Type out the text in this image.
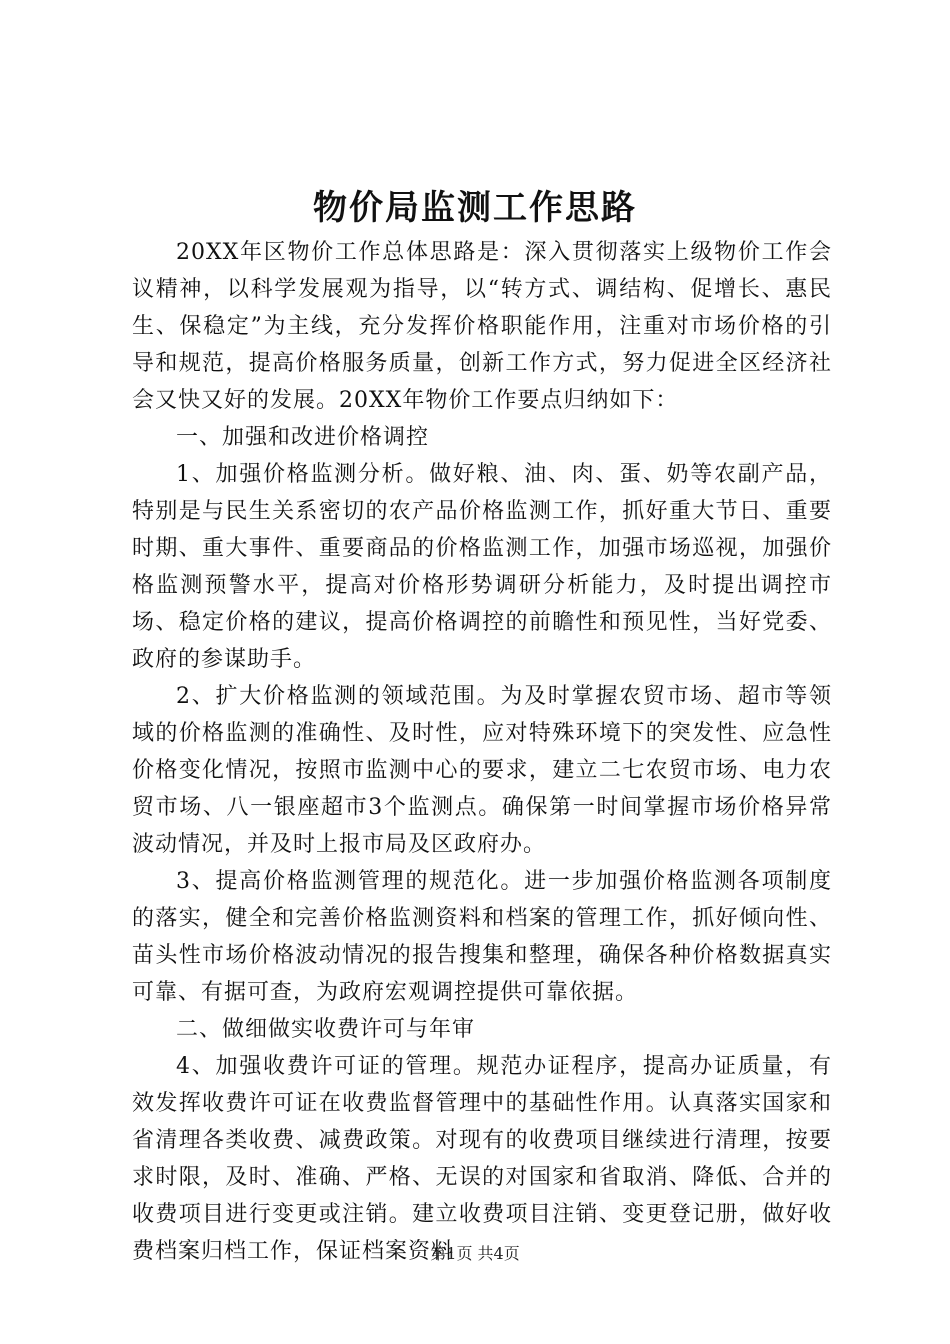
物价局监测工作思路

20XX年区物价工作总体思路是：深入贯彻落实上级物价工作会议精神，以科学发展观为指导，以“转方式、调结构、促增长、惠民生、保稳定”为主线，充分发挥价格职能作用，注重对市场价格的引导和规范，提高价格服务质量，创新工作方式，努力促进全区经济社会又快又好的发展。20XX年物价工作要点归纳如下：

一、加强和改进价格调控

1、加强价格监测分析。做好粮、油、肉、蛋、奶等农副产品，特别是与民生关系密切的农产品价格监测工作，抓好重大节日、重要时期、重大事件、重要商品的价格监测工作，加强市场巡视，加强价格监测预警水平，提高对价格形势调研分析能力，及时提出调控市场、稳定价格的建议，提高价格调控的前瞻性和预见性，当好党委、政府的参谋助手。

2、扩大价格监测的领域范围。为及时掌握农贸市场、超市等领域的价格监测的准确性、及时性，应对特殊环境下的突发性、应急性价格变化情况，按照市监测中心的要求，建立二七农贸市场、电力农贸市场、八一银座超市3个监测点。确保第一时间掌握市场价格异常波动情况，并及时上报市局及区政府办。

3、提高价格监测管理的规范化。进一步加强价格监测各项制度的落实，健全和完善价格监测资料和档案的管理工作，抓好倾向性、苗头性市场价格波动情况的报告搜集和整理，确保各种价格数据真实可靠、有据可查，为政府宏观调控提供可靠依据。

二、做细做实收费许可与年审

4、加强收费许可证的管理。规范办证程序，提高办证质量，有效发挥收费许可证在收费监督管理中的基础性作用。认真落实国家和省清理各类收费、减费政策。对现有的收费项目继续进行清理，按要求时限，及时、准确、严格、无误的对国家和省取消、降低、合并的收费项目进行变更或注销。建立收费项目注销、变更登记册，做好收费档案归档工作，保证档案资料

第1页 共4页
